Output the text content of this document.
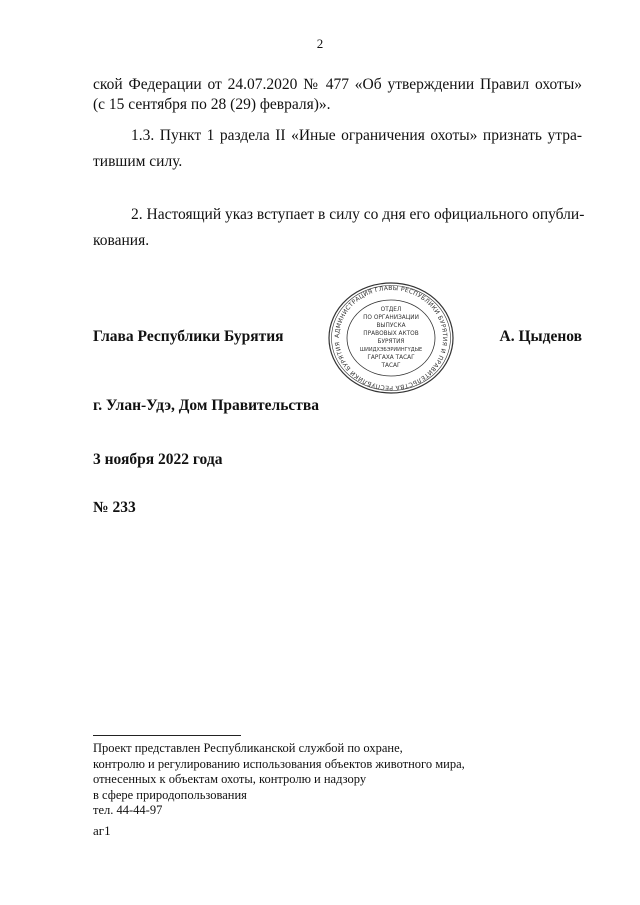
2

ской Федерации от 24.07.2020 № 477 «Об утверждении Правил охоты»
(с 15 сентября по 28 (29) февраля)».

1.3. Пункт 1 раздела II «Иные ограничения охоты» признать утра-
тившим силу.

2. Настоящий указ вступает в силу со дня его официального опубли-
кования.

Глава Республики Бурятия	А. Цыденов
АДМИНИСТРАЦИЯ ГЛАВЫ РЕСПУБЛИКИ БУРЯТИЯ И ПРАВИТЕЛЬСТВА РЕСПУБЛИКИ БУРЯТИЯ
ОТДЕЛ
ПО ОРГАНИЗАЦИИ
ВЫПУСКА
ПРАВОВЫХ АКТОВ
БУРЯТИЯ
ШИИДХЭБЭРИИНГҮДЫЕ
ГАРГАХА ТАСАГ
ТАСАГ
г. Улан-Удэ, Дом Правительства
3 ноября 2022 года
№ 233
Проект представлен Республиканской службой по охране,
контролю и регулированию использования объектов животного мира,
отнесенных к объектам охоты, контролю и надзору
в сфере природопользования
тел. 44-44-97
аг1
